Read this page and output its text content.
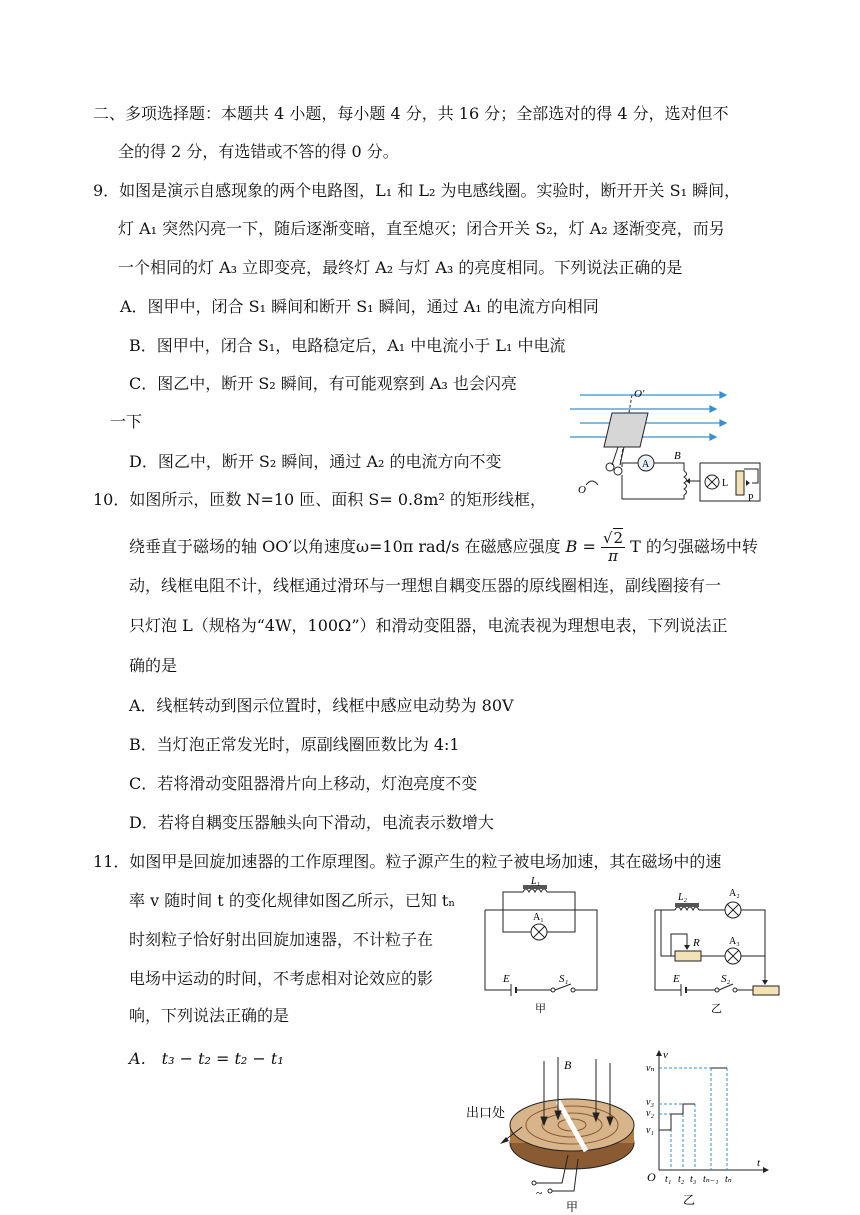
二、多项选择题：本题共 4 小题，每小题 4 分，共 16 分；全部选对的得 4 分，选对但不
全的得 2 分，有选错或不答的得 0 分。
9．如图是演示自感现象的两个电路图，L₁ 和 L₂ 为电感线圈。实验时，断开开关 S₁ 瞬间，
灯 A₁ 突然闪亮一下，随后逐渐变暗，直至熄灭；闭合开关 S₂，灯 A₂ 逐渐变亮，而另
一个相同的灯 A₃ 立即变亮，最终灯 A₂ 与灯 A₃ 的亮度相同。下列说法正确的是
A．图甲中，闭合 S₁ 瞬间和断开 S₁ 瞬间，通过 A₁ 的电流方向相同
B．图甲中，闭合 S₁，电路稳定后，A₁ 中电流小于 L₁ 中电流
C．图乙中，断开 S₂ 瞬间，有可能观察到 A₃ 也会闪亮
一下
D．图乙中，断开 S₂ 瞬间，通过 A₂ 的电流方向不变
10．如图所示，匝数 N=10 匝、面积 S= 0.8m² 的矩形线框，
绕垂直于磁场的轴 OO′以角速度ω=10π rad/s 在磁感应强度 $B = \frac{√2}{\pi}$ T 的匀强磁场中转
动，线框电阻不计，线框通过滑环与一理想自耦变压器的原线圈相连，副线圈接有一
只灯泡 L（规格为“4W，100Ω”）和滑动变阻器，电流表视为理想电表，下列说法正
确的是
A．线框转动到图示位置时，线框中感应电动势为 80V
B．当灯泡正常发光时，原副线圈匝数比为 4:1
C．若将滑动变阻器滑片向上移动，灯泡亮度不变
D．若将自耦变压器触头向下滑动，电流表示数增大
11．如图甲是回旋加速器的工作原理图。粒子源产生的粒子被电场加速，其在磁场中的速
率 v 随时间 t 的变化规律如图乙所示，已知 tₙ
时刻粒子恰好射出回旋加速器，不计粒子在
电场中运动的时间，不考虑相对论效应的影
响，下列说法正确的是
A． t₃ − t₂ = t₂ − t₁
O′
B
O
A
L
P
E	S₁
L₁
A₁
甲
E	S₂
L₂	A₂
R	A₃
乙
B
出口处
~
甲
v
t
O
vₙ
v₃
v₂
v₁
t₁ t₂ t₃ tₙ₋₁ tₙ
乙
